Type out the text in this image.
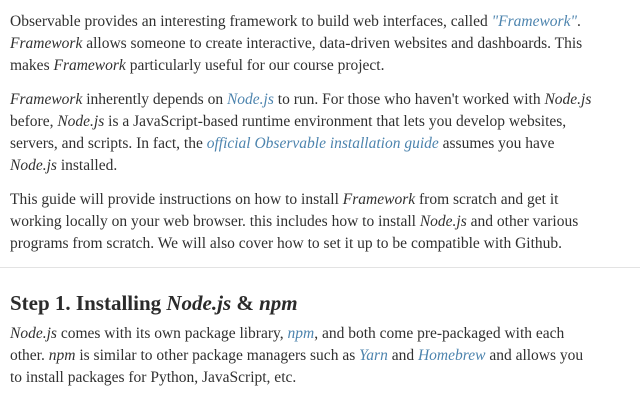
Observable provides an interesting framework to build web interfaces, called "Framework". Framework allows someone to create interactive, data-driven websites and dashboards. This makes Framework particularly useful for our course project.

Framework inherently depends on Node.js to run. For those who haven't worked with Node.js before, Node.js is a JavaScript-based runtime environment that lets you develop websites, servers, and scripts. In fact, the official Observable installation guide assumes you have Node.js installed.

This guide will provide instructions on how to install Framework from scratch and get it working locally on your web browser. this includes how to install Node.js and other various programs from scratch. We will also cover how to set it up to be compatible with Github.

Step 1. Installing Node.js & npm

Node.js comes with its own package library, npm, and both come pre-packaged with each other. npm is similar to other package managers such as Yarn and Homebrew and allows you to install packages for Python, JavaScript, etc.
